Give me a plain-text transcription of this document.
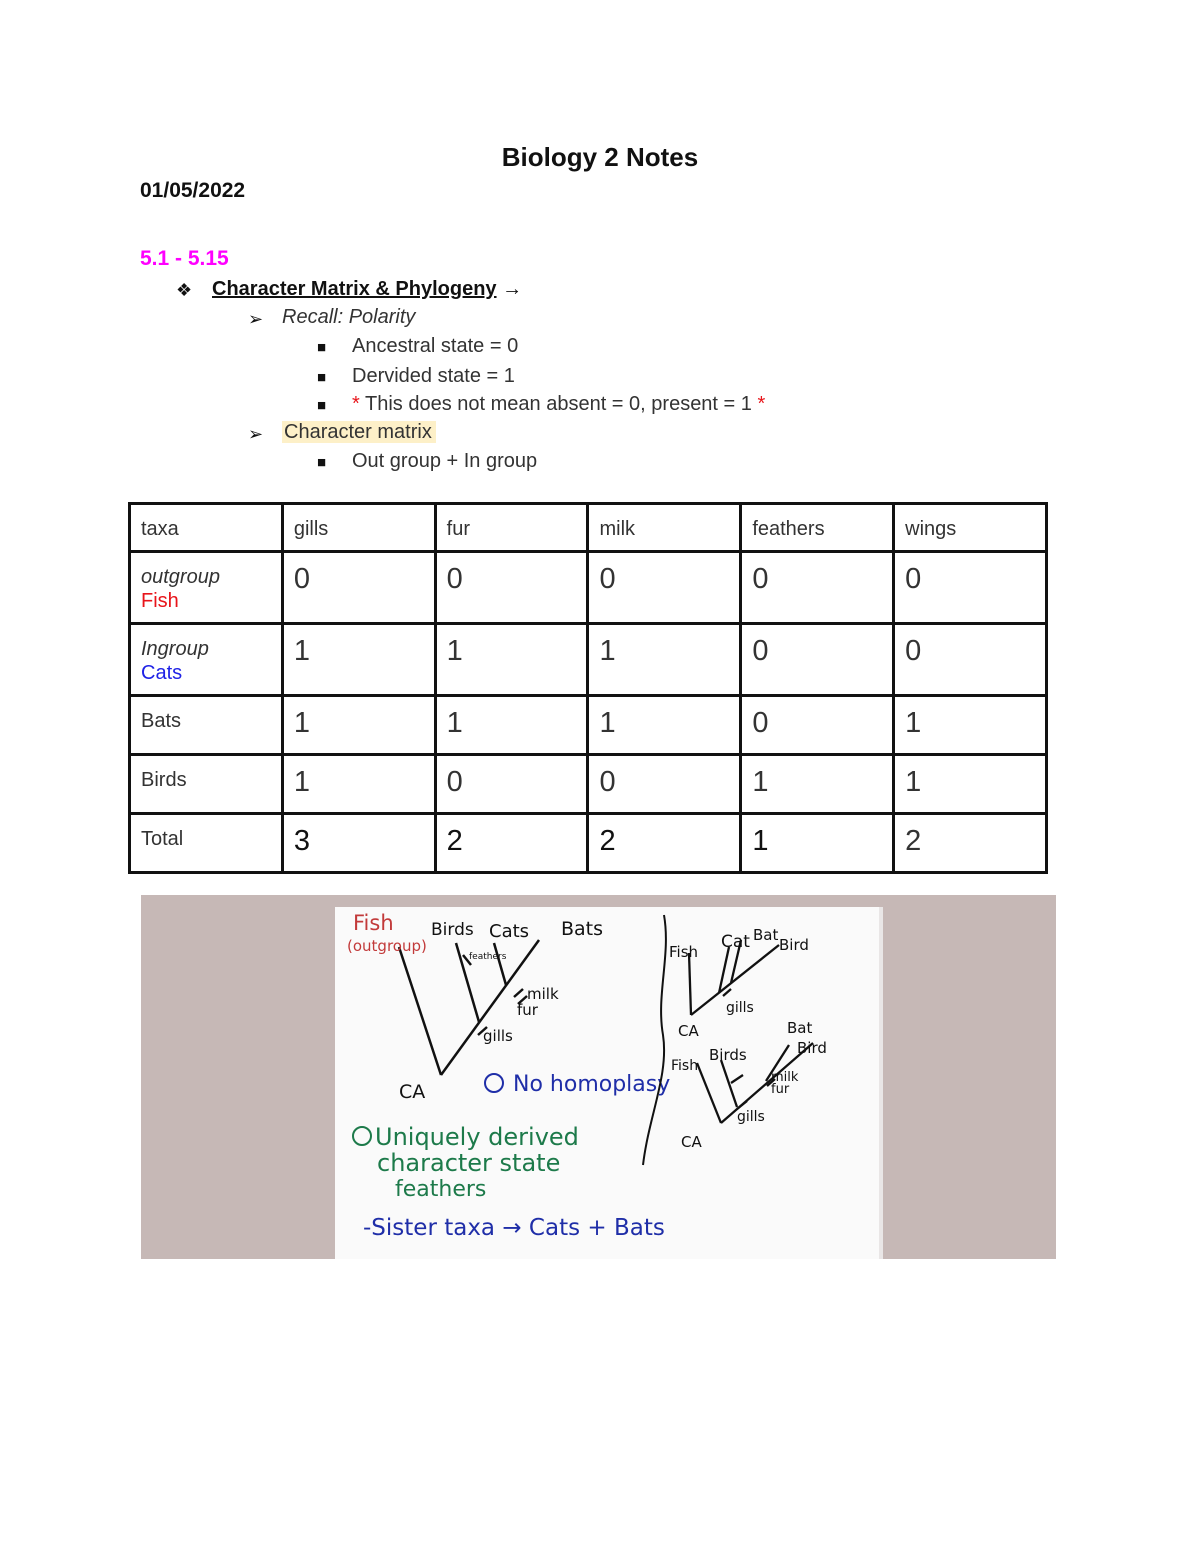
Biology 2 Notes
01/05/2022
5.1 - 5.15
❖ Character Matrix & Phylogeny →
➢ Recall: Polarity
■ Ancestral state = 0
■ Dervided state = 1
■ * This does not mean absent = 0, present = 1 *
➢ Character matrix
■ Out group + In group
taxa	gills	fur	milk	feathers	wings

outgroup
Fish	0	0	0	0	0

Ingroup
Cats	1	1	1	0	0
Bats	1	1	1	0	1
Birds	1	0	0	1	1
Total	3	2	2	1	2
Fish
(outgroup)
Birds Cats Bats
feathers
milk
fur
gills
CA	No homoplasy
Uniquely derived
character state
feathers
-Sister taxa → Cats + Bats
Fish Cat Bat
Bird
gills
CA
Fish
Birds
Bat
Bird
milk
fur
gills
CA
